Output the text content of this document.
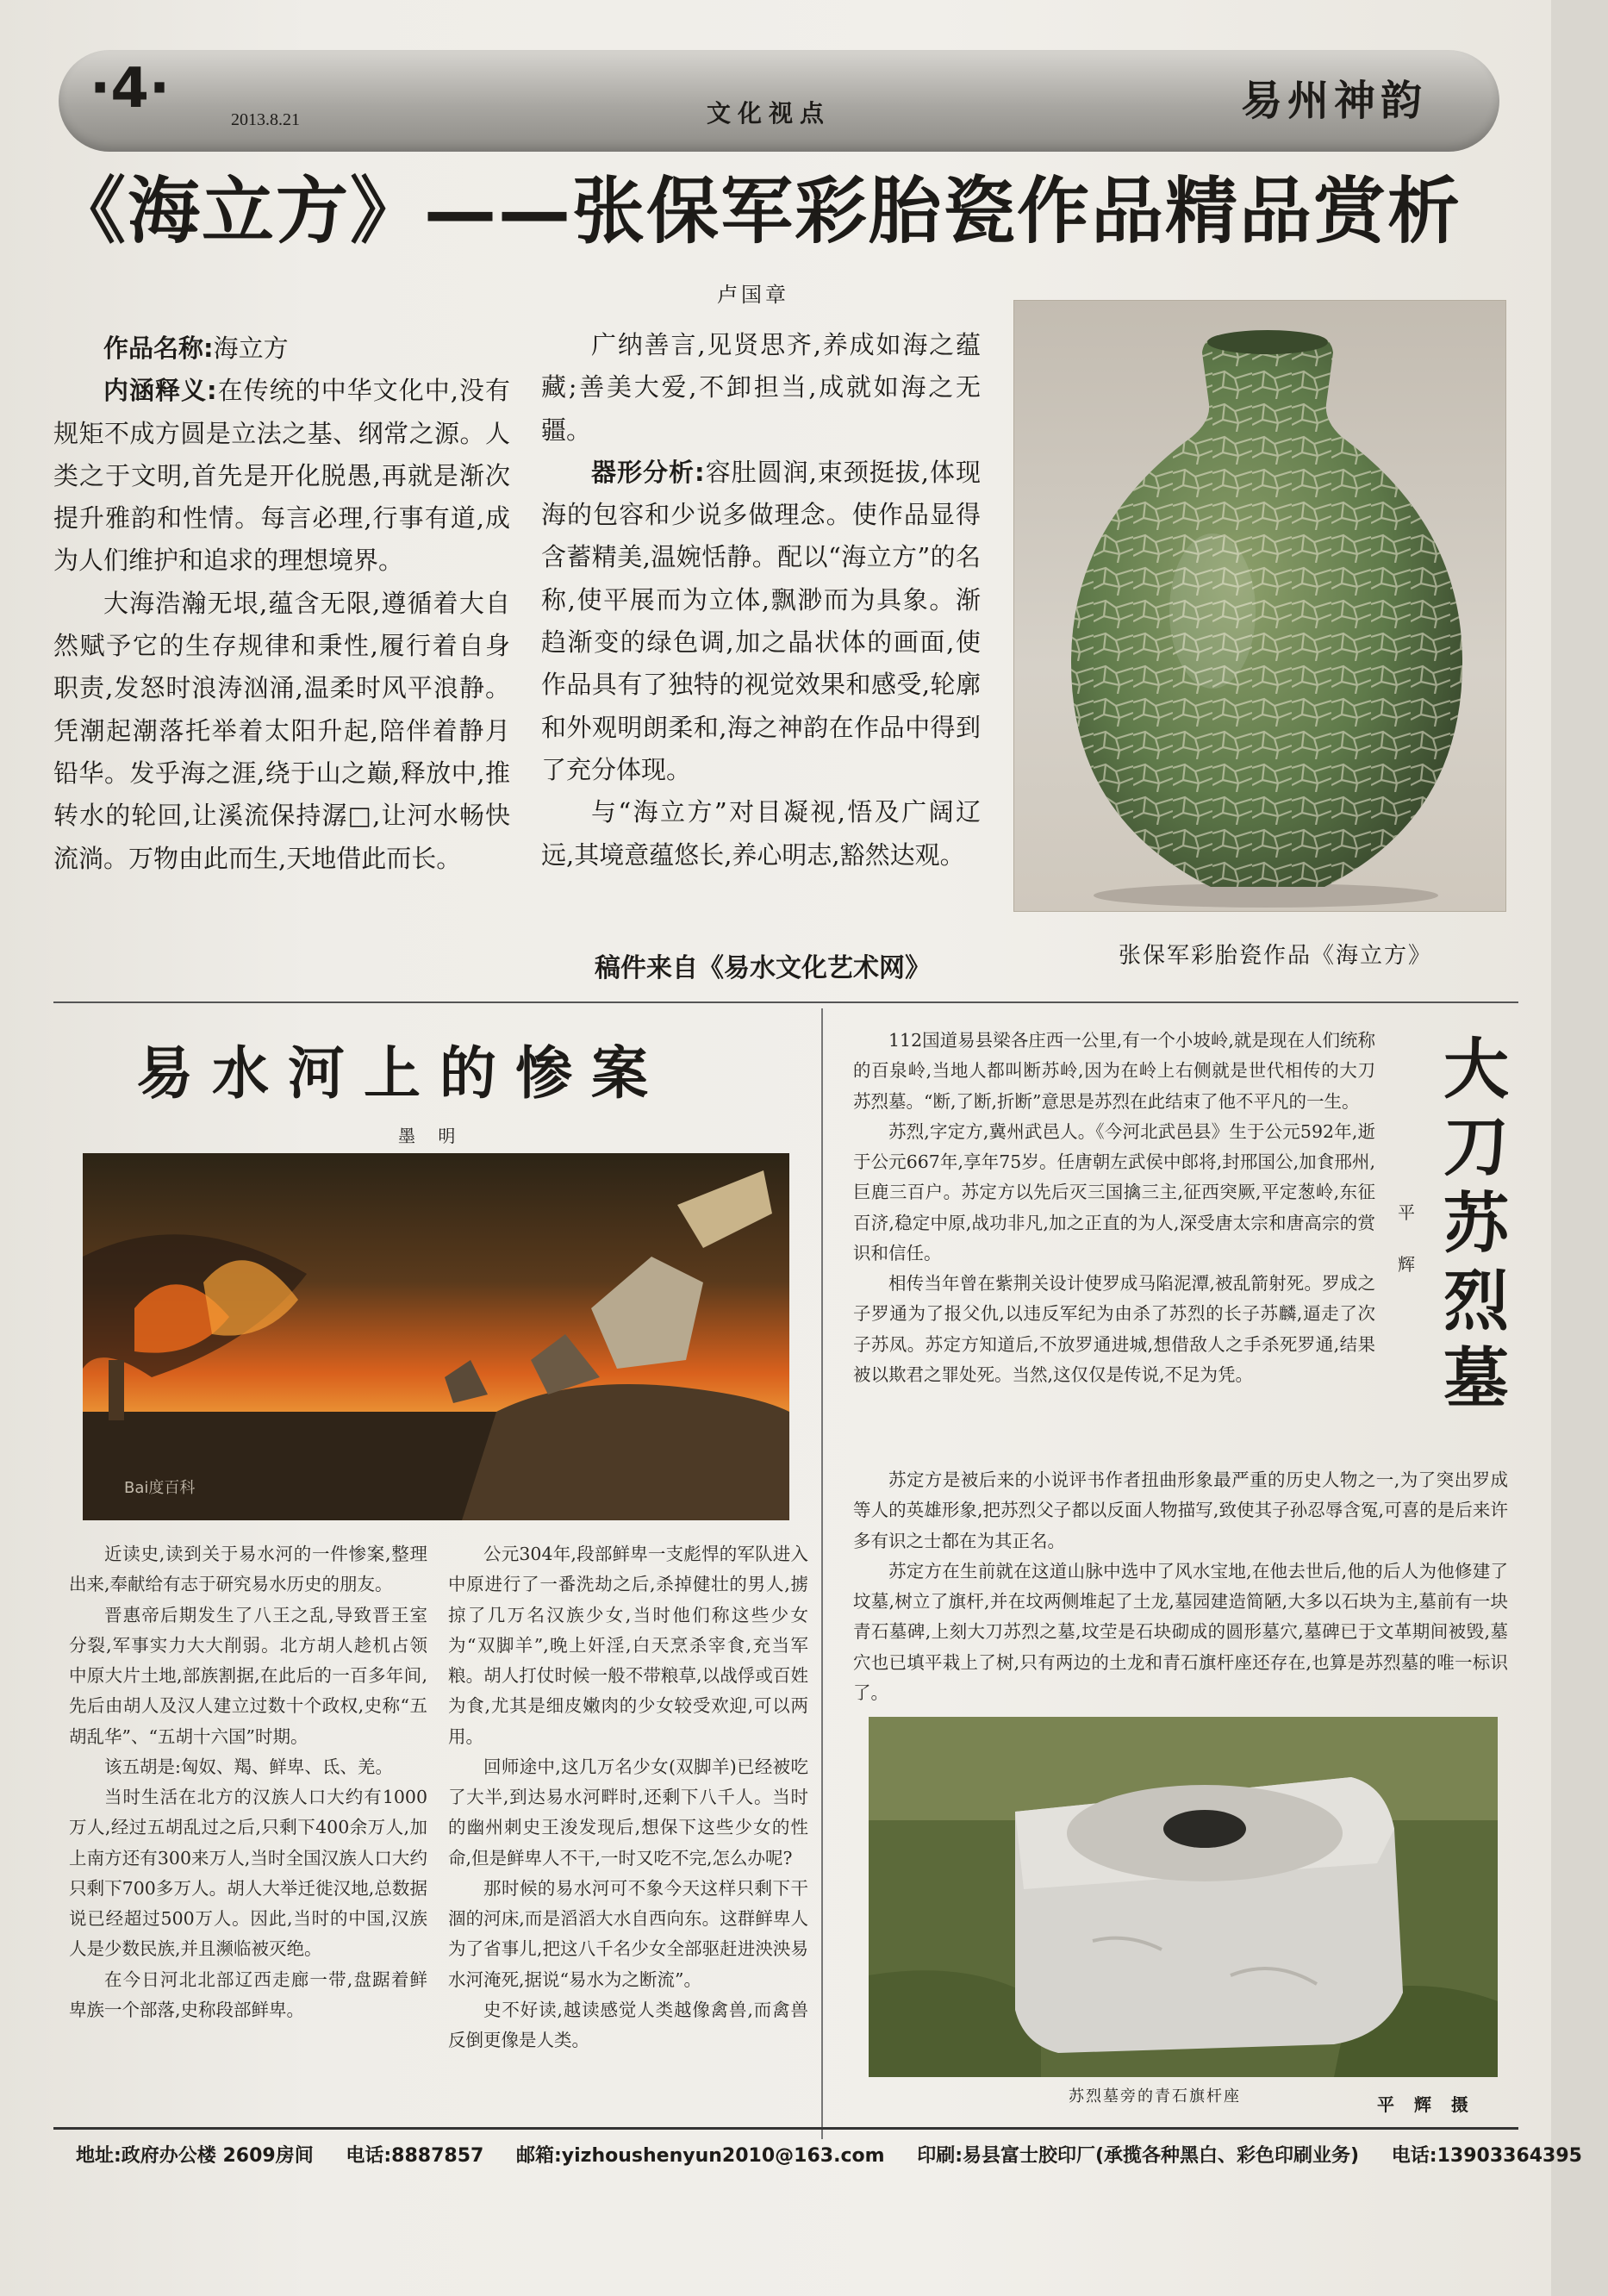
·4·	2013.8.21	文化视点	易州神韵
《海立方》——张保军彩胎瓷作品精品赏析
卢国章

作品名称:海立方

内涵释义:在传统的中华文化中,没有规矩不成方圆是立法之基、纲常之源。人类之于文明,首先是开化脱愚,再就是渐次提升雅韵和性情。每言必理,行事有道,成为人们维护和追求的理想境界。

大海浩瀚无垠,蕴含无限,遵循着大自然赋予它的生存规律和秉性,履行着自身职责,发怒时浪涛汹涌,温柔时风平浪静。凭潮起潮落托举着太阳升起,陪伴着静月铅华。发乎海之涯,绕于山之巅,释放中,推转水的轮回,让溪流保持潺□,让河水畅快流淌。万物由此而生,天地借此而长。

广纳善言,见贤思齐,养成如海之蕴藏;善美大爱,不卸担当,成就如海之无疆。

器形分析:容肚圆润,束颈挺拔,体现海的包容和少说多做理念。使作品显得含蓄精美,温婉恬静。配以“海立方”的名称,使平展而为立体,飘渺而为具象。渐趋渐变的绿色调,加之晶状体的画面,使作品具有了独特的视觉效果和感受,轮廓和外观明朗柔和,海之神韵在作品中得到了充分体现。

与“海立方”对目凝视,悟及广阔辽远,其境意蕴悠长,养心明志,豁然达观。

稿件来自《易水文化艺术网》	张保军彩胎瓷作品《海立方》
易水河上的惨案
墨 明
Bai度百科

近读史,读到关于易水河的一件惨案,整理出来,奉献给有志于研究易水历史的朋友。

晋惠帝后期发生了八王之乱,导致晋王室分裂,军事实力大大削弱。北方胡人趁机占领中原大片土地,部族割据,在此后的一百多年间,先后由胡人及汉人建立过数十个政权,史称“五胡乱华”、“五胡十六国”时期。

该五胡是:匈奴、羯、鲜卑、氐、羌。

当时生活在北方的汉族人口大约有1000万人,经过五胡乱过之后,只剩下400余万人,加上南方还有300来万人,当时全国汉族人口大约只剩下700多万人。胡人大举迁徙汉地,总数据说已经超过500万人。因此,当时的中国,汉族人是少数民族,并且濒临被灭绝。

在今日河北北部辽西走廊一带,盘踞着鲜卑族一个部落,史称段部鲜卑。

公元304年,段部鲜卑一支彪悍的军队进入中原进行了一番洗劫之后,杀掉健壮的男人,掳掠了几万名汉族少女,当时他们称这些少女为“双脚羊”,晚上奸淫,白天烹杀宰食,充当军粮。胡人打仗时候一般不带粮草,以战俘或百姓为食,尤其是细皮嫩肉的少女较受欢迎,可以两用。

回师途中,这几万名少女(双脚羊)已经被吃了大半,到达易水河畔时,还剩下八千人。当时的幽州刺史王浚发现后,想保下这些少女的性命,但是鲜卑人不干,一时又吃不完,怎么办呢?

那时候的易水河可不象今天这样只剩下干涸的河床,而是滔滔大水自西向东。这群鲜卑人为了省事儿,把这八千名少女全部驱赶进泱泱易水河淹死,据说“易水为之断流”。

史不好读,越读感觉人类越像禽兽,而禽兽反倒更像是人类。

大
刀
苏
烈
墓
平
辉

112国道易县梁各庄西一公里,有一个小坡岭,就是现在人们统称的百泉岭,当地人都叫断苏岭,因为在岭上右侧就是世代相传的大刀苏烈墓。“断,了断,折断”意思是苏烈在此结束了他不平凡的一生。

苏烈,字定方,冀州武邑人。《今河北武邑县》生于公元592年,逝于公元667年,享年75岁。任唐朝左武侯中郎将,封邢国公,加食邢州,巨鹿三百户。苏定方以先后灭三国擒三主,征西突厥,平定葱岭,东征百济,稳定中原,战功非凡,加之正直的为人,深受唐太宗和唐高宗的赏识和信任。

相传当年曾在紫荆关设计使罗成马陷泥潭,被乱箭射死。罗成之子罗通为了报父仇,以违反军纪为由杀了苏烈的长子苏麟,逼走了次子苏凤。苏定方知道后,不放罗通进城,想借敌人之手杀死罗通,结果被以欺君之罪处死。当然,这仅仅是传说,不足为凭。

苏定方是被后来的小说评书作者扭曲形象最严重的历史人物之一,为了突出罗成等人的英雄形象,把苏烈父子都以反面人物描写,致使其子孙忍辱含冤,可喜的是后来许多有识之士都在为其正名。

苏定方在生前就在这道山脉中选中了风水宝地,在他去世后,他的后人为他修建了坟墓,树立了旗杆,并在坟两侧堆起了土龙,墓园建造简陋,大多以石块为主,墓前有一块青石墓碑,上刻大刀苏烈之墓,坟茔是石块砌成的圆形墓穴,墓碑已于文革期间被毁,墓穴也已填平栽上了树,只有两边的土龙和青石旗杆座还存在,也算是苏烈墓的唯一标识了。

苏烈墓旁的青石旗杆座	平 辉 摄
地址:政府办公楼 2609房间 电话:8887857 邮箱:yizhoushenyun2010@163.com 印刷:易县富士胶印厂(承揽各种黑白、彩色印刷业务) 电话:13903364395
